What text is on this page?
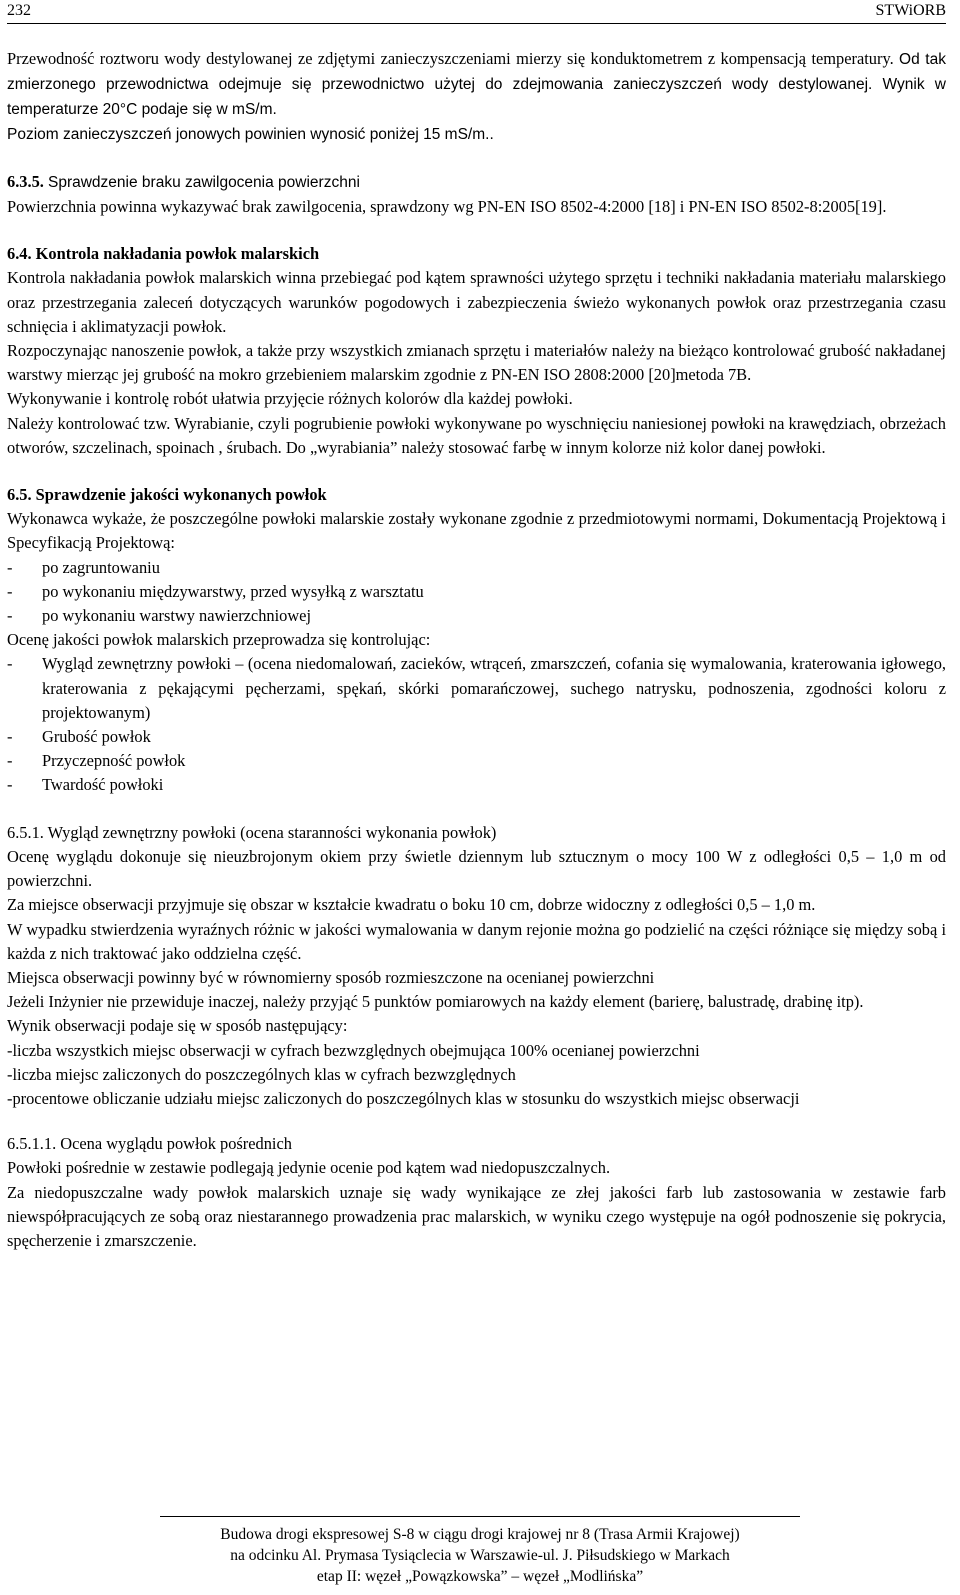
232	STWiORB

Przewodność roztworu wody destylowanej ze zdjętymi zanieczyszczeniami mierzy się konduktometrem z kompensacją temperatury. Od tak zmierzonego przewodnictwa odejmuje się przewodnictwo użytej do zdejmowania zanieczyszczeń wody destylowanej. Wynik w temperaturze 20°C podaje się w mS/m.

Poziom zanieczyszczeń jonowych powinien wynosić poniżej 15 mS/m..

6.3.5. Sprawdzenie braku zawilgocenia powierzchni

Powierzchnia powinna wykazywać brak zawilgocenia, sprawdzony wg PN-EN ISO 8502-4:2000 [18] i PN-EN ISO 8502-8:2005[19].

6.4. Kontrola nakładania powłok malarskich

Kontrola nakładania powłok malarskich winna przebiegać pod kątem sprawności użytego sprzętu i techniki nakładania materiału malarskiego oraz przestrzegania zaleceń dotyczących warunków pogodowych i zabezpieczenia świeżo wykonanych powłok oraz przestrzegania czasu schnięcia i aklimatyzacji powłok.

Rozpoczynając nanoszenie powłok, a także przy wszystkich zmianach sprzętu i materiałów należy na bieżąco kontrolować grubość nakładanej warstwy mierząc jej grubość na mokro grzebieniem malarskim zgodnie z PN-EN ISO 2808:2000 [20]metoda 7B.

Wykonywanie i kontrolę robót ułatwia przyjęcie różnych kolorów dla każdej powłoki.

Należy kontrolować tzw. Wyrabianie, czyli pogrubienie powłoki wykonywane po wyschnięciu naniesionej powłoki na krawędziach, obrzeżach otworów, szczelinach, spoinach , śrubach. Do „wyrabiania” należy stosować farbę w innym kolorze niż kolor danej powłoki.

6.5. Sprawdzenie jakości wykonanych powłok

Wykonawca wykaże, że poszczególne powłoki malarskie zostały wykonane zgodnie z przedmiotowymi normami, Dokumentacją Projektową i Specyfikacją Projektową:

-	po zagruntowaniu
-	po wykonaniu międzywarstwy, przed wysyłką z warsztatu
-	po wykonaniu warstwy nawierzchniowej

Ocenę jakości powłok malarskich przeprowadza się kontrolując:

-	Wygląd zewnętrzny powłoki – (ocena niedomalowań, zacieków, wtrąceń, zmarszczeń, cofania się wymalowania, kraterowania igłowego, kraterowania z pękającymi pęcherzami, spękań, skórki pomarańczowej, suchego natrysku, podnoszenia, zgodności koloru z projektowanym)
-	Grubość powłok
-	Przyczepność powłok
-	Twardość powłoki

6.5.1. Wygląd zewnętrzny powłoki (ocena staranności wykonania powłok)

Ocenę wyglądu dokonuje się nieuzbrojonym okiem przy świetle dziennym lub sztucznym o mocy 100 W z odległości 0,5 – 1,0 m od powierzchni.

Za miejsce obserwacji przyjmuje się obszar w kształcie kwadratu o boku 10 cm, dobrze widoczny z odległości 0,5 – 1,0 m.

W wypadku stwierdzenia wyraźnych różnic w jakości wymalowania w danym rejonie można go podzielić na części różniące się między sobą i każda z nich traktować jako oddzielna część.

Miejsca obserwacji powinny być w równomierny sposób rozmieszczone na ocenianej powierzchni

Jeżeli Inżynier nie przewiduje inaczej, należy przyjąć 5 punktów pomiarowych na każdy element (barierę, balustradę, drabinę itp).

Wynik obserwacji podaje się w sposób następujący:

-liczba wszystkich miejsc obserwacji w cyfrach bezwzględnych obejmująca 100% ocenianej powierzchni

-liczba miejsc zaliczonych do poszczególnych klas w cyfrach bezwzględnych

-procentowe obliczanie udziału miejsc zaliczonych do poszczególnych klas w stosunku do wszystkich miejsc obserwacji

6.5.1.1. Ocena wyglądu powłok pośrednich

Powłoki pośrednie w zestawie podlegają jedynie ocenie pod kątem wad niedopuszczalnych.

Za niedopuszczalne wady powłok malarskich uznaje się wady wynikające ze złej jakości farb lub zastosowania w zestawie farb niewspółpracujących ze sobą oraz niestarannego prowadzenia prac malarskich, w wyniku czego występuje na ogół podnoszenie się pokrycia, spęcherzenie i zmarszczenie.

Budowa drogi ekspresowej S-8 w ciągu drogi krajowej nr 8 (Trasa Armii Krajowej)
na odcinku Al. Prymasa Tysiąclecia w Warszawie-ul. J. Piłsudskiego w Markach
etap II: węzeł „Powązkowska” – węzeł „Modlińska”
